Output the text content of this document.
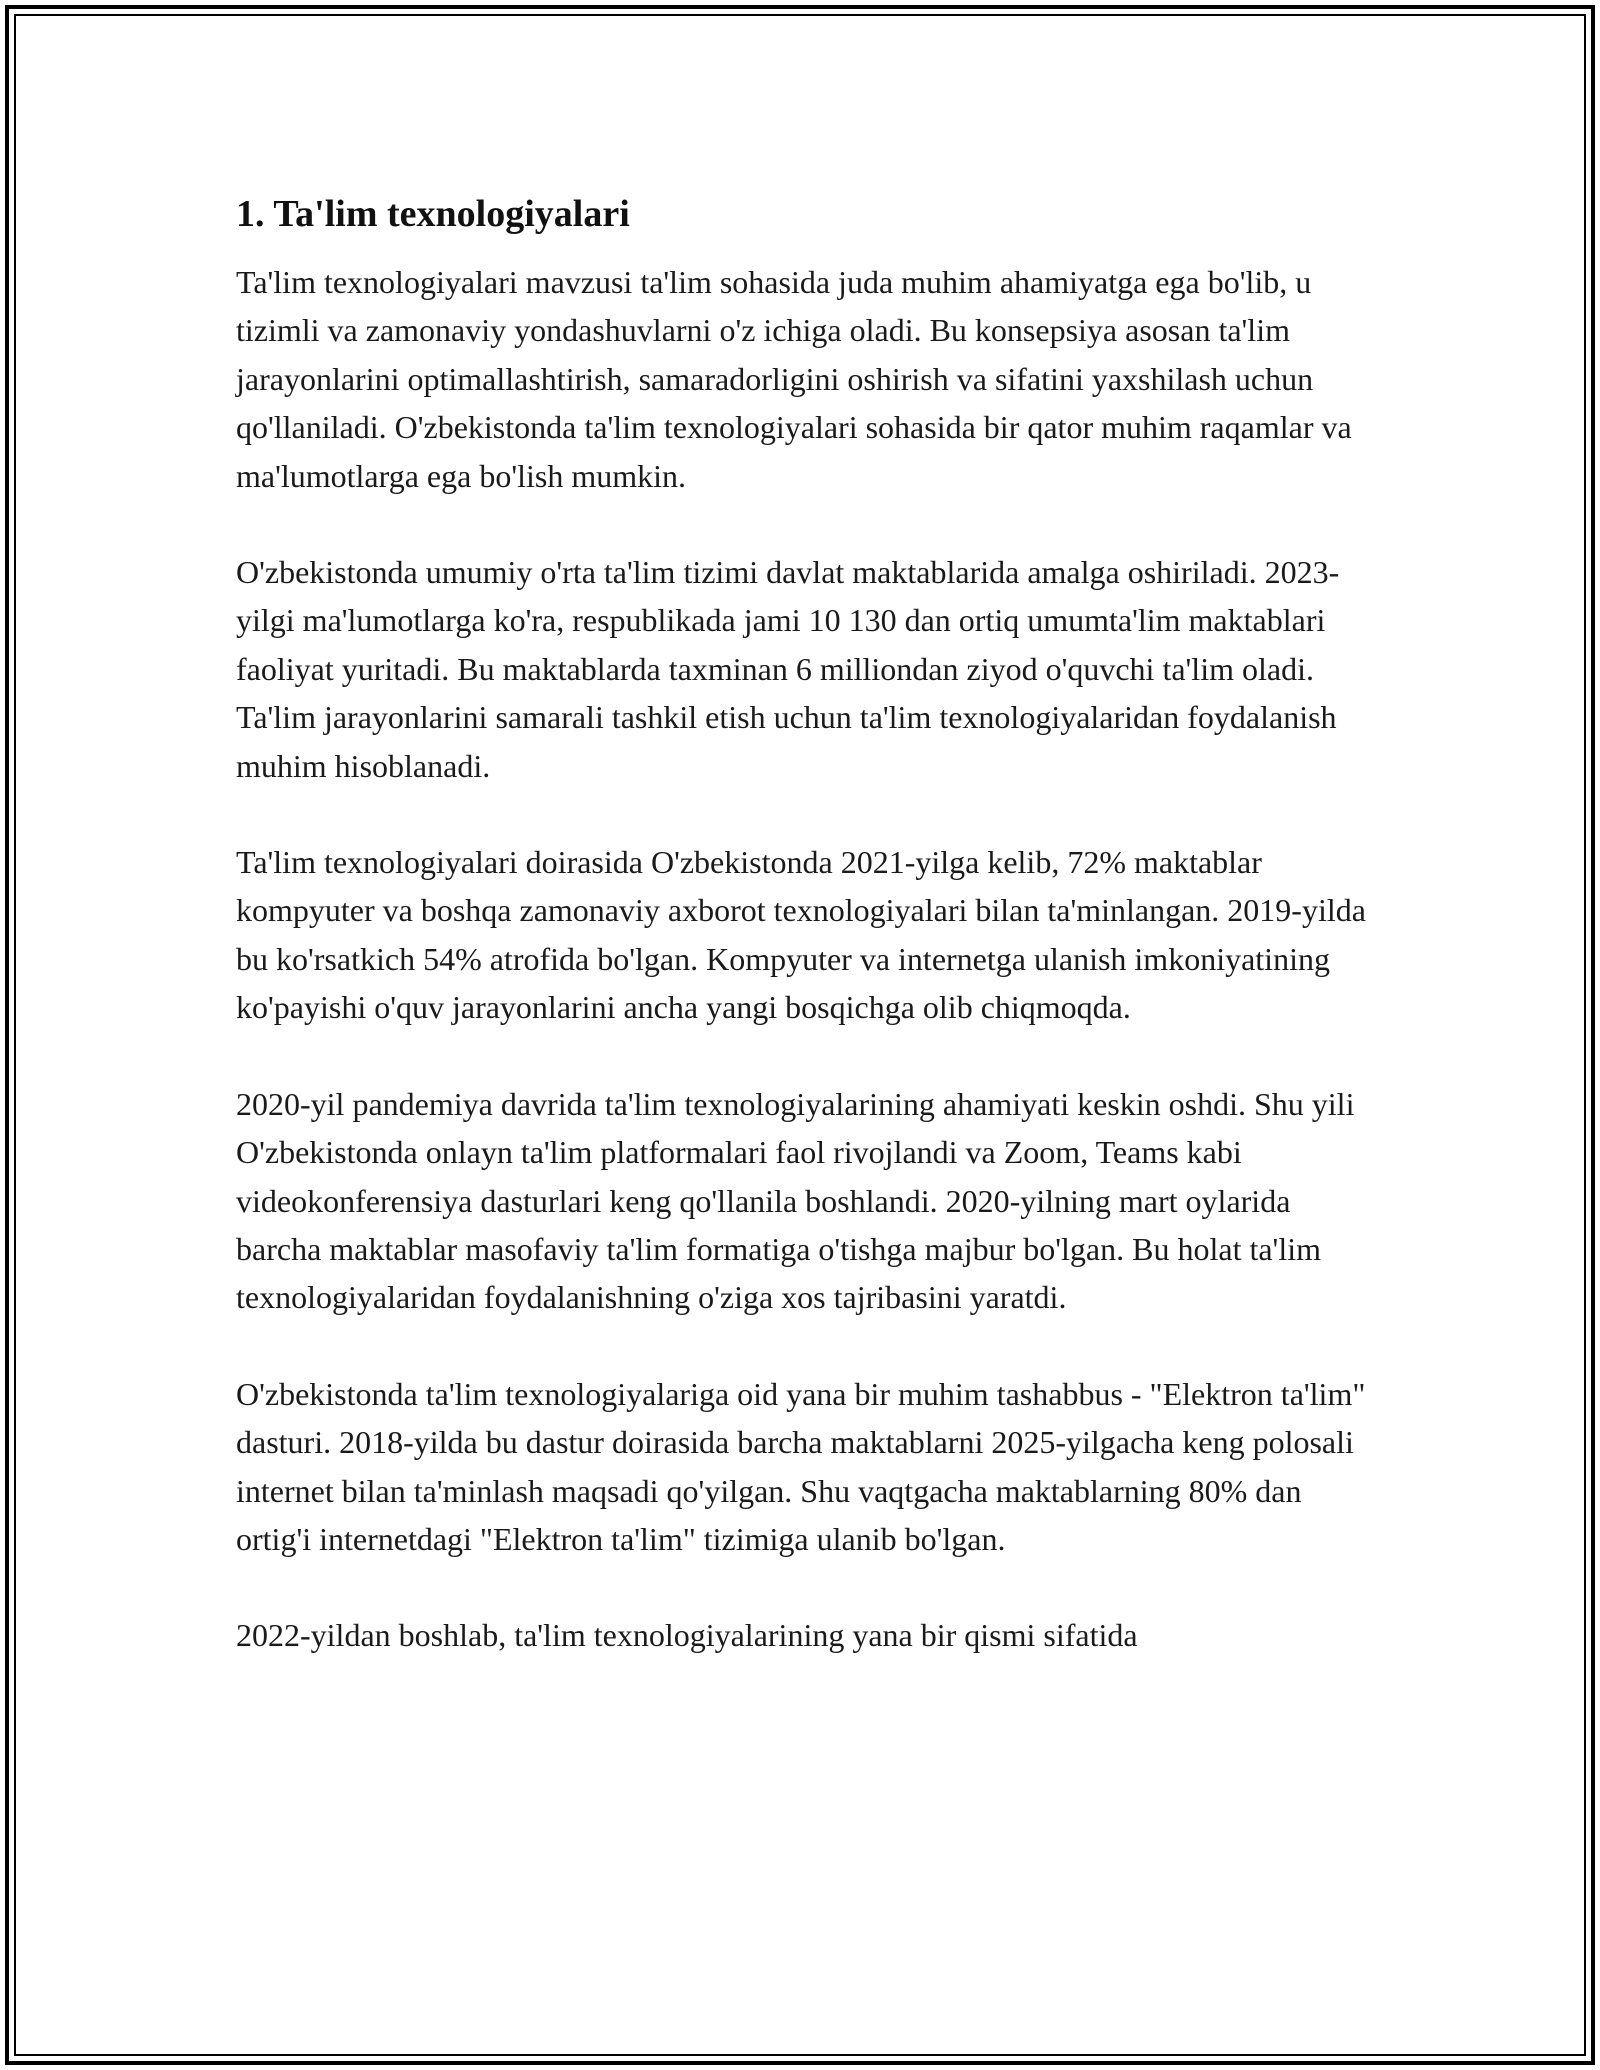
1. Ta'lim texnologiyalari

Ta'lim texnologiyalari mavzusi ta'lim sohasida juda muhim ahamiyatga ega bo'lib, u tizimli va zamonaviy yondashuvlarni o'z ichiga oladi. Bu konsepsiya asosan ta'lim jarayonlarini optimallashtirish, samaradorligini oshirish va sifatini yaxshilash uchun qo'llaniladi. O'zbekistonda ta'lim texnologiyalari sohasida bir qator muhim raqamlar va ma'lumotlarga ega bo'lish mumkin.

O'zbekistonda umumiy o'rta ta'lim tizimi davlat maktablarida amalga oshiriladi. 2023-yilgi ma'lumotlarga ko'ra, respublikada jami 10 130 dan ortiq umumta'lim maktablari faoliyat yuritadi. Bu maktablarda taxminan 6 milliondan ziyod o'quvchi ta'lim oladi. Ta'lim jarayonlarini samarali tashkil etish uchun ta'lim texnologiyalaridan foydalanish muhim hisoblanadi.

Ta'lim texnologiyalari doirasida O'zbekistonda 2021-yilga kelib, 72% maktablar kompyuter va boshqa zamonaviy axborot texnologiyalari bilan ta'minlangan. 2019-yilda bu ko'rsatkich 54% atrofida bo'lgan. Kompyuter va internetga ulanish imkoniyatining ko'payishi o'quv jarayonlarini ancha yangi bosqichga olib chiqmoqda.

2020-yil pandemiya davrida ta'lim texnologiyalarining ahamiyati keskin oshdi. Shu yili O'zbekistonda onlayn ta'lim platformalari faol rivojlandi va Zoom, Teams kabi videokonferensiya dasturlari keng qo'llanila boshlandi. 2020-yilning mart oylarida barcha maktablar masofaviy ta'lim formatiga o'tishga majbur bo'lgan. Bu holat ta'lim texnologiyalaridan foydalanishning o'ziga xos tajribasini yaratdi.

O'zbekistonda ta'lim texnologiyalariga oid yana bir muhim tashabbus - "Elektron ta'lim" dasturi. 2018-yilda bu dastur doirasida barcha maktablarni 2025-yilgacha keng polosali internet bilan ta'minlash maqsadi qo'yilgan. Shu vaqtgacha maktablarning 80% dan ortig'i internetdagi "Elektron ta'lim" tizimiga ulanib bo'lgan.

2022-yildan boshlab, ta'lim texnologiyalarining yana bir qismi sifatida
